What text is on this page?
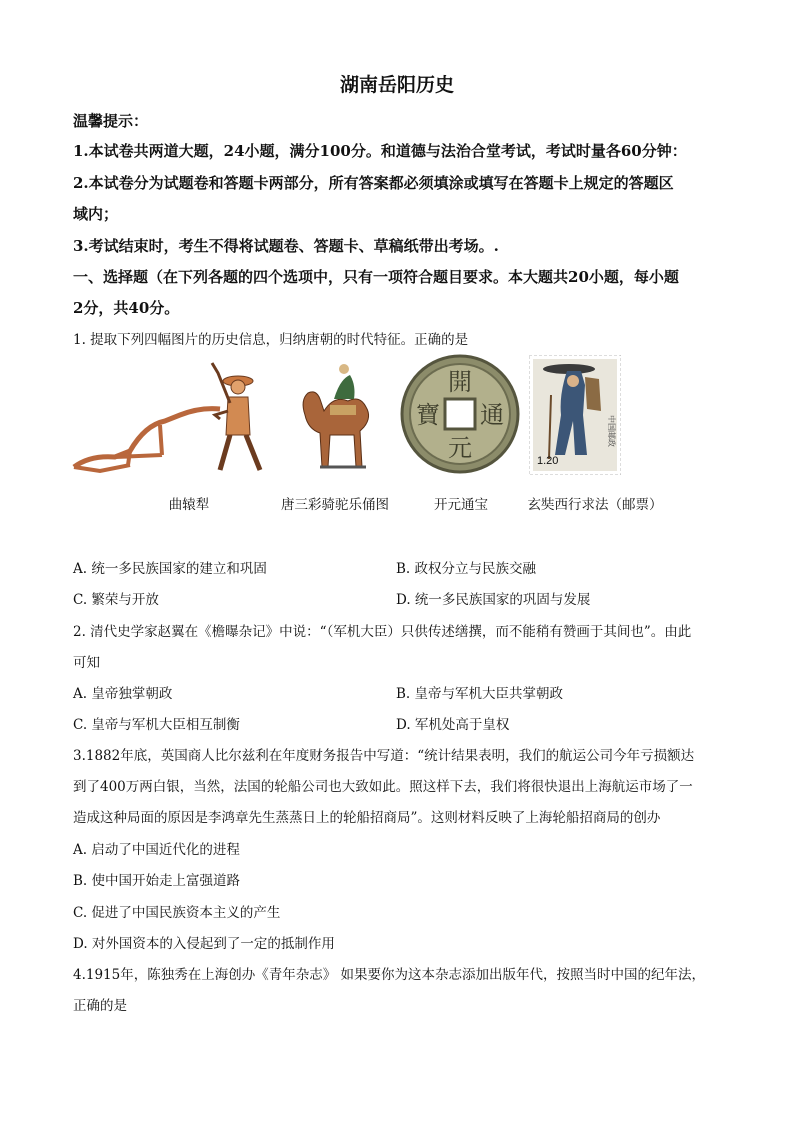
湖南岳阳历史
温馨提示：
1.本试卷共两道大题，24小题，满分100分。和道德与法治合堂考试，考试时量各60分钟：
2.本试卷分为试题卷和答题卡两部分，所有答案都必须填涂或填写在答题卡上规定的答题区
域内；
3.考试结束时，考生不得将试题卷、答题卡、草稿纸带出考场。.
一、选择题（在下列各题的四个选项中，只有一项符合题目要求。本大题共20小题，每小题
2分，共40分。
1. 提取下列四幅图片的历史信息，归纳唐朝的时代特征。正确的是
開
通
元
寶	中国邮政
1.20
曲辕犁	唐三彩骑驼乐俑图	开元通宝	玄奘西行求法（邮票）
A. 统一多民族国家的建立和巩固	B. 政权分立与民族交融
C. 繁荣与开放	D. 统一多民族国家的巩固与发展
2. 清代史学家赵翼在《檐曝杂记》中说：“（军机大臣）只供传述缮撰，而不能稍有赞画于其间也”。由此
可知
A. 皇帝独掌朝政	B. 皇帝与军机大臣共掌朝政
C. 皇帝与军机大臣相互制衡	D. 军机处高于皇权
3.1882年底，英国商人比尔兹利在年度财务报告中写道：“统计结果表明，我们的航运公司今年亏损额达
到了400万两白银，当然，法国的轮船公司也大致如此。照这样下去，我们将很快退出上海航运市场了一
造成这种局面的原因是李鸿章先生蒸蒸日上的轮船招商局”。这则材料反映了上海轮船招商局的创办
A. 启动了中国近代化的进程
B. 使中国开始走上富强道路
C. 促进了中国民族资本主义的产生
D. 对外国资本的入侵起到了一定的抵制作用
4.1915年，陈独秀在上海创办《青年杂志》 如果要你为这本杂志添加出版年代，按照当时中国的纪年法，
正确的是
